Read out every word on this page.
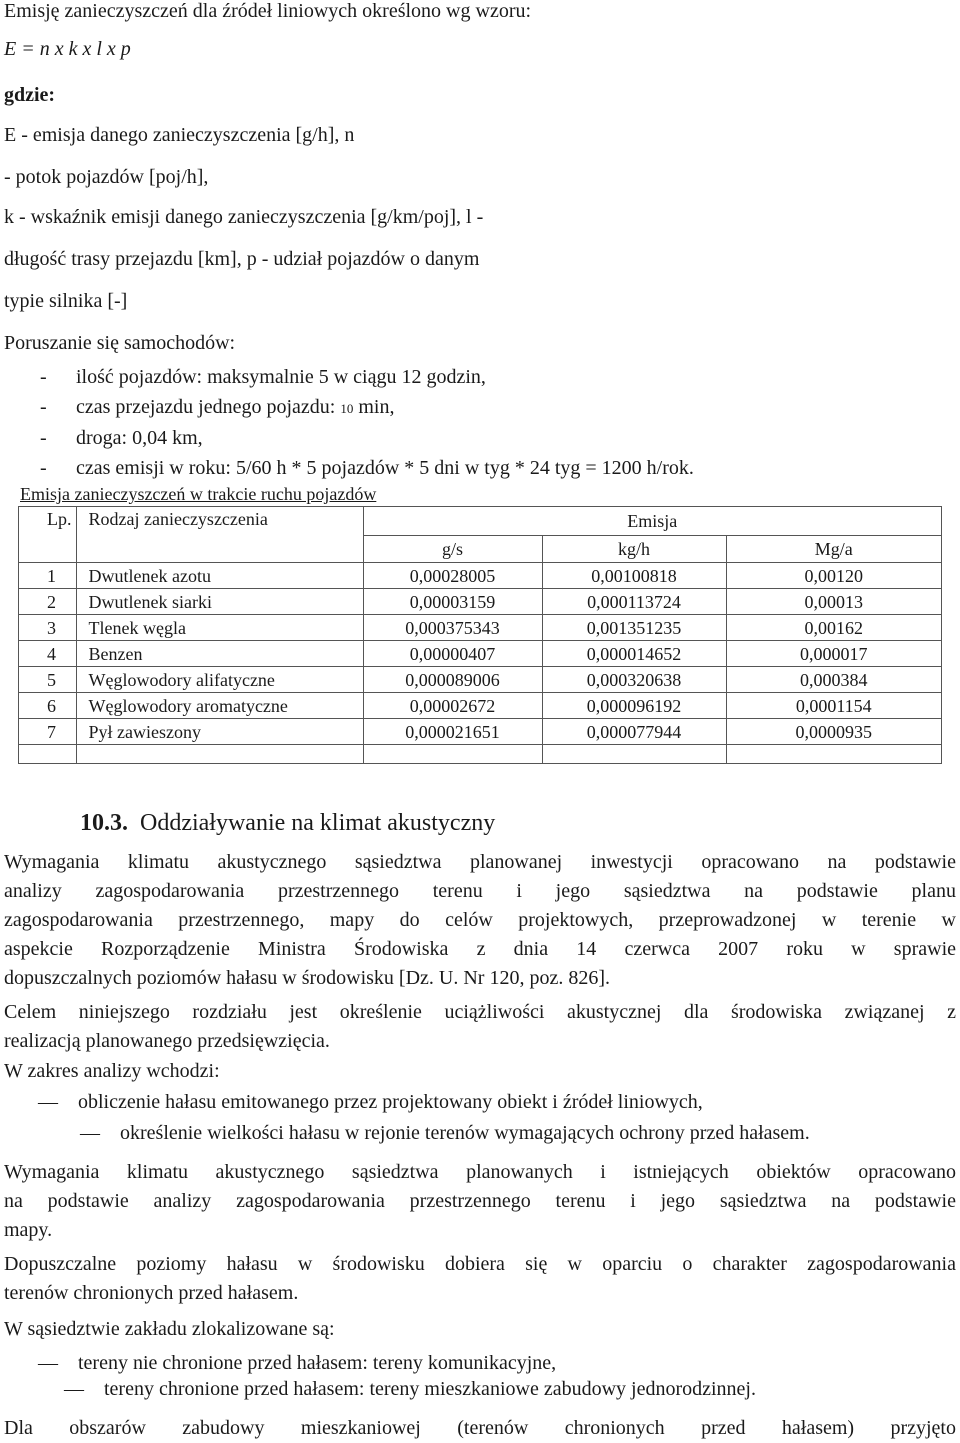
Emisję zanieczyszczeń dla źródeł liniowych określono wg wzoru:
E = n x k x l x p
gdzie:
E - emisja danego zanieczyszczenia [g/h], n
- potok pojazdów [poj/h],
k - wskaźnik emisji danego zanieczyszczenia [g/km/poj], l -
długość trasy przejazdu [km], p - udział pojazdów o danym
typie silnika [-]
Poruszanie się samochodów:
- ilość pojazdów: maksymalnie 5 w ciągu 12 godzin,
- czas przejazdu jednego pojazdu: 10 min,
- droga: 0,04 km,
- czas emisji w roku: 5/60 h * 5 pojazdów * 5 dni w tyg * 24 tyg = 1200 h/rok.
Emisja zanieczyszczeń w trakcie ruchu pojazdów
Lp.	Rodzaj zanieczyszczenia	Emisja		
		g/s	kg/h	Mg/a
1	Dwutlenek azotu	0,00028005	0,00100818	0,00120
2	Dwutlenek siarki	0,00003159	0,000113724	0,00013
3	Tlenek węgla	0,000375343	0,001351235	0,00162
4	Benzen	0,00000407	0,000014652	0,000017
5	Węglowodory alifatyczne	0,000089006	0,000320638	0,000384
6	Węglowodory aromatyczne	0,00002672	0,000096192	0,0001154
7	Pył zawieszony	0,000021651	0,000077944	0,0000935

10.3. Oddziaływanie na klimat akustyczny
Wymagania klimatu akustycznego sąsiedztwa planowanej inwestycji opracowano na podstawie
analizy zagospodarowania przestrzennego terenu i jego sąsiedztwa na podstawie planu
zagospodarowania przestrzennego, mapy do celów projektowych, przeprowadzonej w terenie w
aspekcie Rozporządzenie Ministra Środowiska z dnia 14 czerwca 2007 roku w sprawie
dopuszczalnych poziomów hałasu w środowisku [Dz. U. Nr 120, poz. 826].
Celem niniejszego rozdziału jest określenie uciążliwości akustycznej dla środowiska związanej z
realizacją planowanego przedsięwzięcia.
W zakres analizy wchodzi:
— obliczenie hałasu emitowanego przez projektowany obiekt i źródeł liniowych,
— określenie wielkości hałasu w rejonie terenów wymagających ochrony przed hałasem.
Wymagania klimatu akustycznego sąsiedztwa planowanych i istniejących obiektów opracowano
na podstawie analizy zagospodarowania przestrzennego terenu i jego sąsiedztwa na podstawie
mapy.
Dopuszczalne poziomy hałasu w środowisku dobiera się w oparciu o charakter zagospodarowania
terenów chronionych przed hałasem.
W sąsiedztwie zakładu zlokalizowane są:
— tereny nie chronione przed hałasem: tereny komunikacyjne,
— tereny chronione przed hałasem: tereny mieszkaniowe zabudowy jednorodzinnej.
Dla obszarów zabudowy mieszkaniowej (terenów chronionych przed hałasem) przyjęto
